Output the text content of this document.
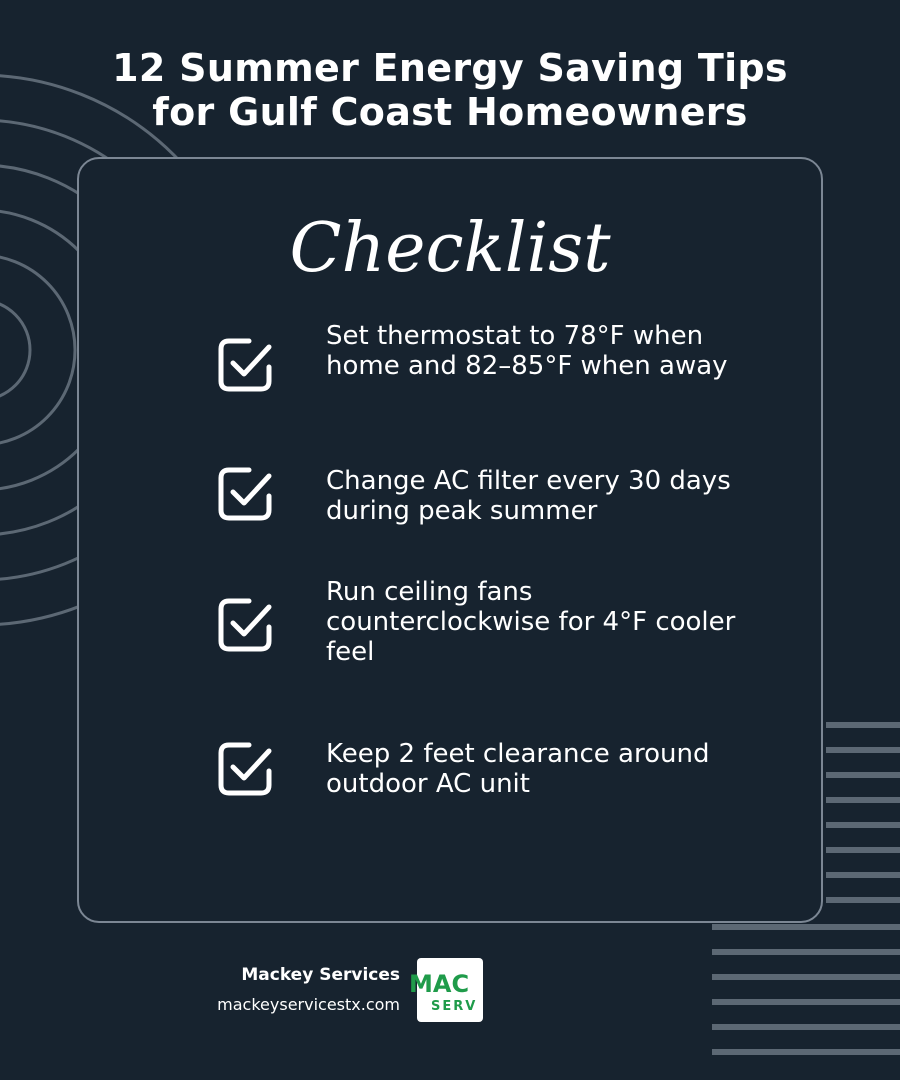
12 Summer Energy Saving Tips
for Gulf Coast Homeowners
Checklist
Set thermostat to 78°F when home and 82–85°F when away
Change AC filter every 30 days during peak summer
Run ceiling fans counterclockwise for 4°F cooler feel
Keep 2 feet clearance around outdoor AC unit
Mackey Services
mackeyservicestx.com
MAC
SERV
